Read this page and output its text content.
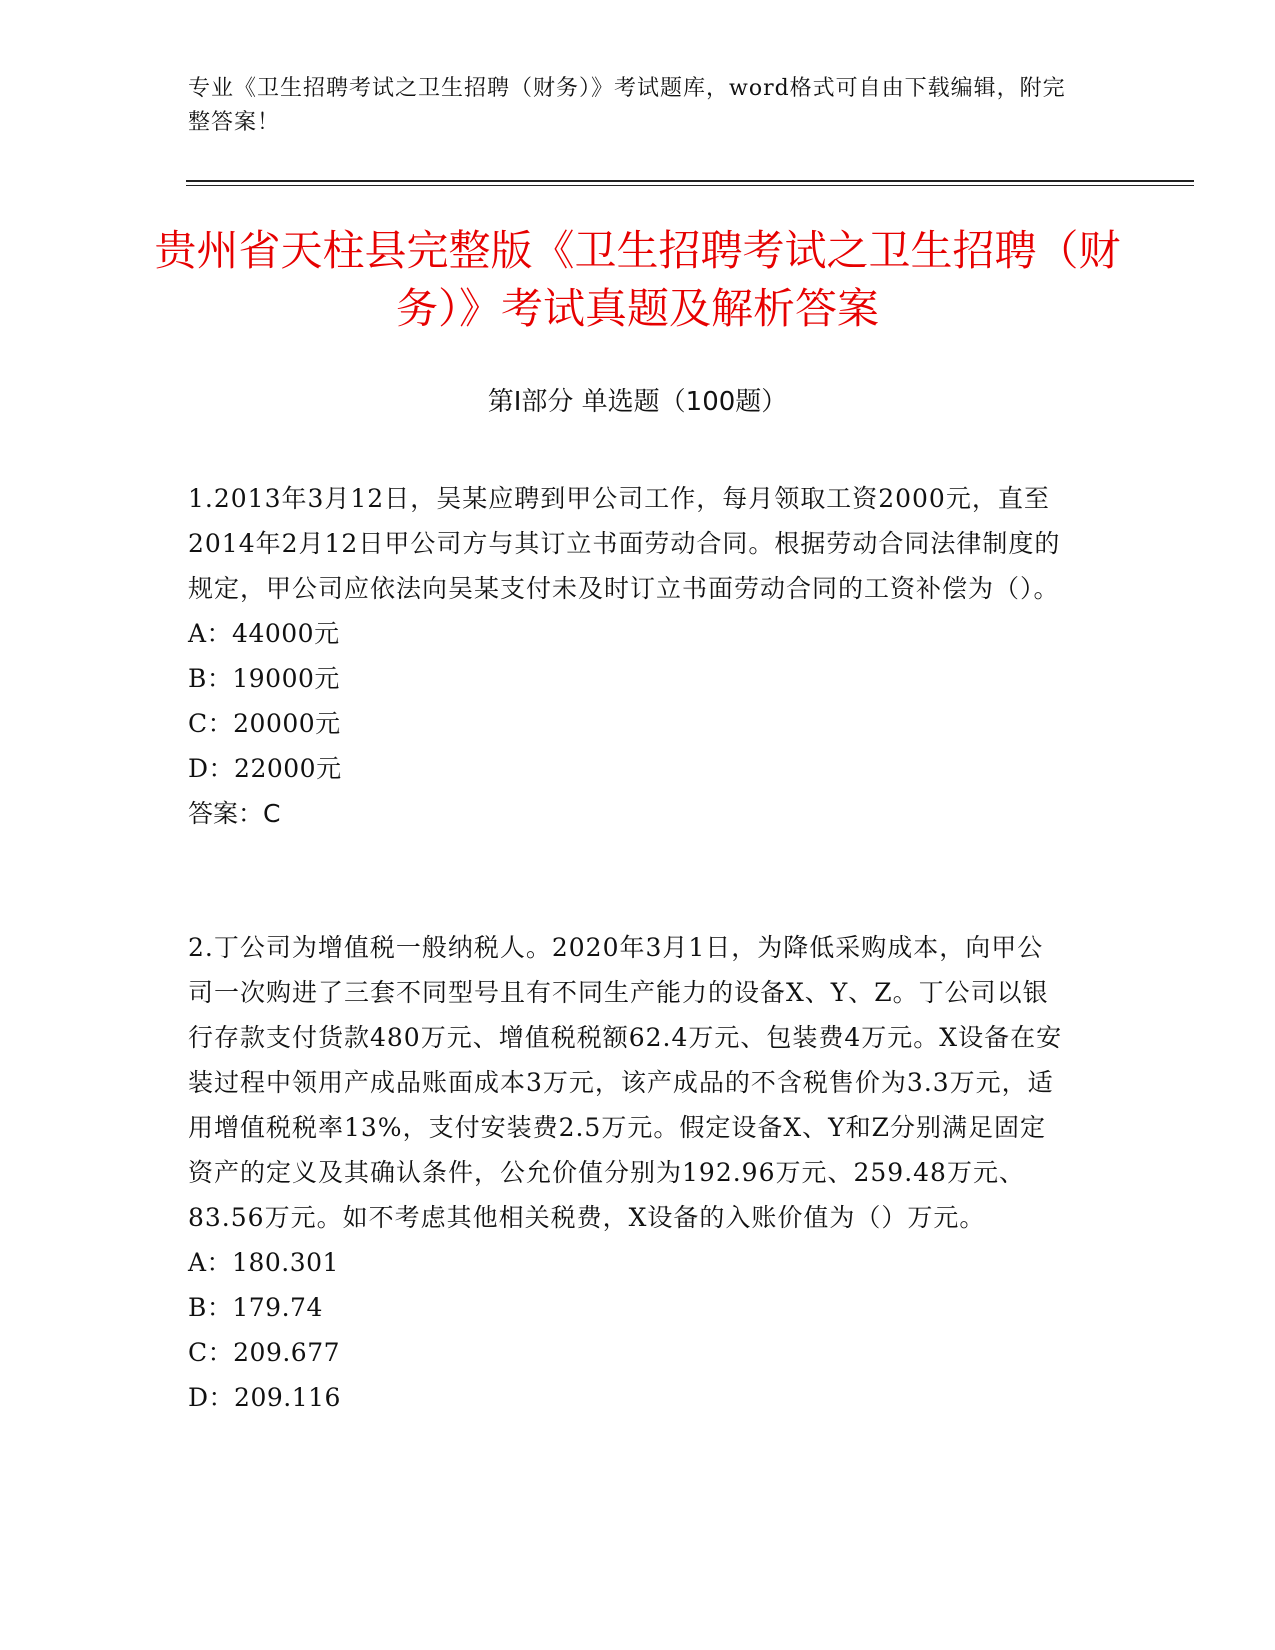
专业《卫生招聘考试之卫生招聘（财务）》考试题库，word格式可自由下载编辑，附完整答案！
贵州省天柱县完整版《卫生招聘考试之卫生招聘（财务）》考试真题及解析答案
第Ⅰ部分 单选题（100题）

1.2013年3月12日，吴某应聘到甲公司工作，每月领取工资2000元，直至2014年2月12日甲公司方与其订立书面劳动合同。根据劳动合同法律制度的规定，甲公司应依法向吴某支付未及时订立书面劳动合同的工资补偿为（）。

A：44000元

B：19000元

C：20000元

D：22000元

答案：C

2.丁公司为增值税一般纳税人。2020年3月1日，为降低采购成本，向甲公司一次购进了三套不同型号且有不同生产能力的设备X、Y、Z。丁公司以银行存款支付货款480万元、增值税税额62.4万元、包装费4万元。X设备在安装过程中领用产成品账面成本3万元，该产成品的不含税售价为3.3万元，适用增值税税率13%，支付安装费2.5万元。假定设备X、Y和Z分别满足固定资产的定义及其确认条件，公允价值分别为192.96万元、259.48万元、83.56万元。如不考虑其他相关税费，X设备的入账价值为（）万元。

A：180.301

B：179.74

C：209.677

D：209.116
